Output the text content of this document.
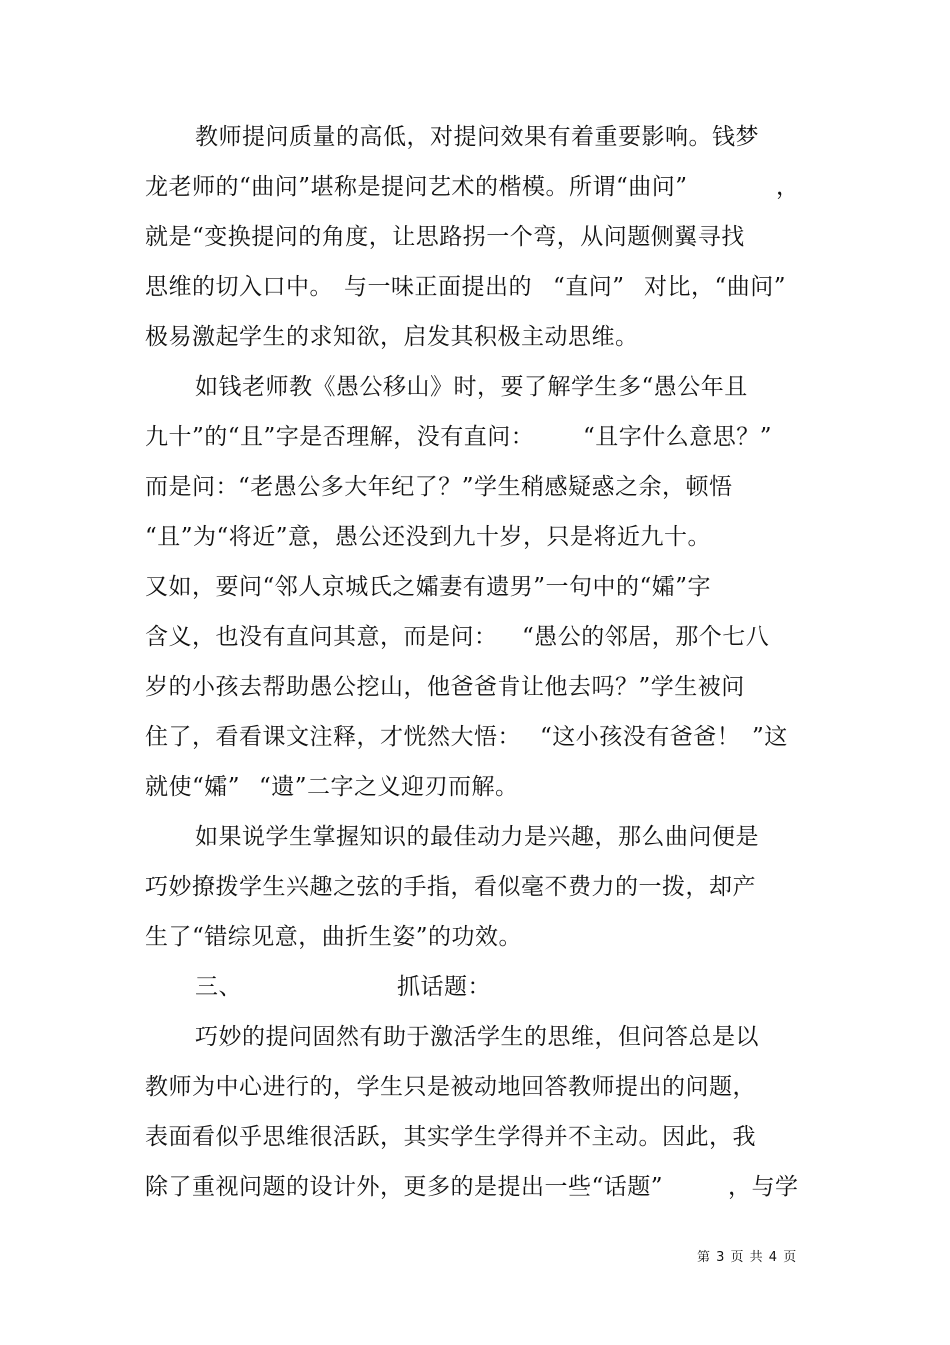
教师提问质量的高低，对提问效果有着重要影响。钱梦
龙老师的“曲问”堪称是提问艺术的楷模。所谓“曲问”	，
就是“变换提问的角度，让思路拐一个弯，从问题侧翼寻找
思维的切入口中。 与一味正面提出的 “直问” 对比，“曲问”
极易激起学生的求知欲，启发其积极主动思维。
如钱老师教《愚公移山》时，要了解学生多“愚公年且
九十”的“且”字是否理解，没有直问： “且字什么意思？”
而是问： “老愚公多大年纪了？”学生稍感疑惑之余，顿悟
“且”为“将近”意，愚公还没到九十岁，只是将近九十。
又如，要问“邻人京城氏之孀妻有遗男”一句中的“孀”字
含义，也没有直问其意，而是问： “愚公的邻居，那个七八
岁的小孩去帮助愚公挖山，他爸爸肯让他去吗？”学生被问
住了，看看课文注释，才恍然大悟： “这小孩没有爸爸！ ”这
就使“孀” “遗”二字之义迎刃而解。
如果说学生掌握知识的最佳动力是兴趣，那么曲问便是
巧妙撩拨学生兴趣之弦的手指，看似毫不费力的一拨，却产
生了“错综见意，曲折生姿”的功效。
三、	抓话题：
巧妙的提问固然有助于激活学生的思维，但问答总是以
教师为中心进行的，学生只是被动地回答教师提出的问题，
表面看似乎思维很活跃，其实学生学得并不主动。因此，我
除了重视问题的设计外，更多的是提出一些“话题”	，与学
第 3 页 共 4 页
